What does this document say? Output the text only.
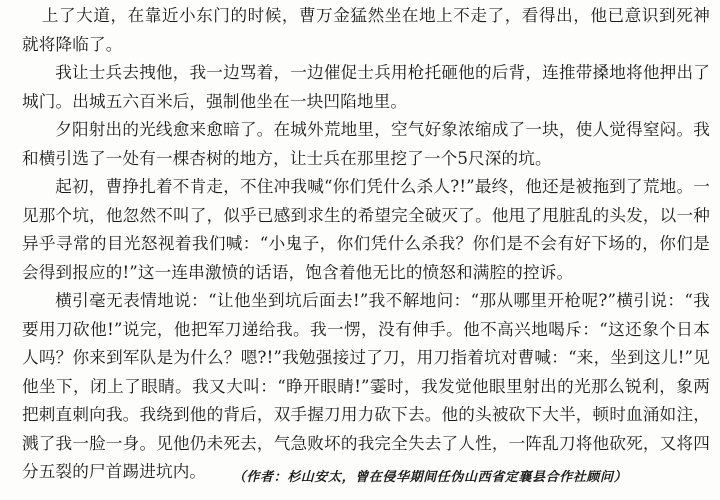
上了大道，在靠近小东门的时候，曹万金猛然坐在地上不走了，看得出，他已意识到死神就将降临了。

我让士兵去拽他，我一边骂着，一边催促士兵用枪托砸他的后背，连推带搡地将他押出了城门。出城五六百米后，强制他坐在一块凹陷地里。

夕阳射出的光线愈来愈暗了。在城外荒地里，空气好象浓缩成了一块，使人觉得窒闷。我和横引选了一处有一棵杏树的地方，让士兵在那里挖了一个5尺深的坑。

起初，曹挣扎着不肯走，不住冲我喊“你们凭什么杀人?!”最终，他还是被拖到了荒地。一见那个坑，他忽然不叫了，似乎已感到求生的希望完全破灭了。他甩了甩脏乱的头发，以一种异乎寻常的目光怒视着我们喊：“小鬼子，你们凭什么杀我？你们是不会有好下场的，你们是会得到报应的!”这一连串激愤的话语，饱含着他无比的愤怒和满腔的控诉。

横引毫无表情地说：“让他坐到坑后面去!”我不解地问：“那从哪里开枪呢?”横引说：“我要用刀砍他!”说完，他把军刀递给我。我一愣，没有伸手。他不高兴地喝斥：“这还象个日本人吗？你来到军队是为什么？嗯?!”我勉强接过了刀，用刀指着坑对曹喊：“来，坐到这儿!”见他坐下，闭上了眼睛。我又大叫：“睁开眼睛!”霎时，我发觉他眼里射出的光那么锐利，象两把刺直刺向我。我绕到他的背后，双手握刀用力砍下去。他的头被砍下大半，顿时血涌如注，溅了我一脸一身。见他仍未死去，气急败坏的我完全失去了人性，一阵乱刀将他砍死，又将四分五裂的尸首踢进坑内。	（作者：杉山安太，曾在侵华期间任伪山西省定襄县合作社顾问）
